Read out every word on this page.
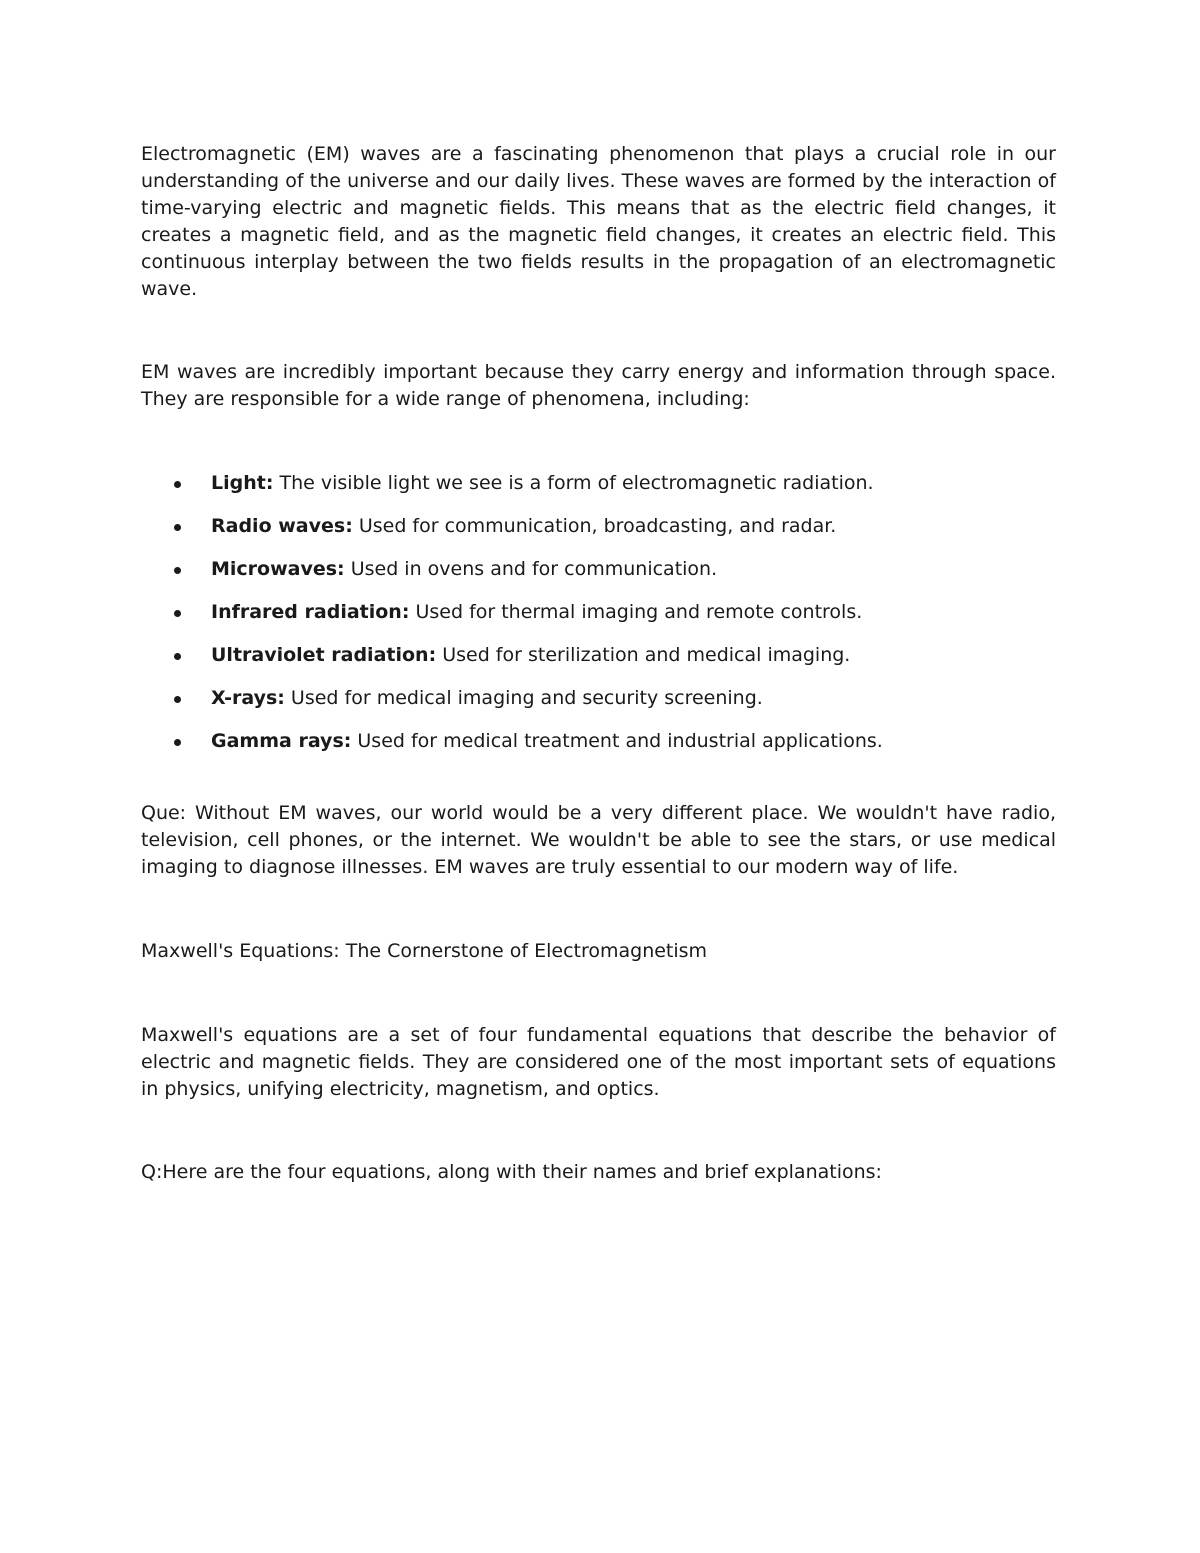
Electromagnetic (EM) waves are a fascinating phenomenon that plays a crucial role in our understanding of the universe and our daily lives. These waves are formed by the interaction of time-varying electric and magnetic fields. This means that as the electric field changes, it creates a magnetic field, and as the magnetic field changes, it creates an electric field. This continuous interplay between the two fields results in the propagation of an electromagnetic wave.

EM waves are incredibly important because they carry energy and information through space. They are responsible for a wide range of phenomena, including:

Light: The visible light we see is a form of electromagnetic radiation.
Radio waves: Used for communication, broadcasting, and radar.
Microwaves: Used in ovens and for communication.
Infrared radiation: Used for thermal imaging and remote controls.
Ultraviolet radiation: Used for sterilization and medical imaging.
X-rays: Used for medical imaging and security screening.
Gamma rays: Used for medical treatment and industrial applications.

Que: Without EM waves, our world would be a very different place. We wouldn't have radio, television, cell phones, or the internet. We wouldn't be able to see the stars, or use medical imaging to diagnose illnesses. EM waves are truly essential to our modern way of life.

Maxwell's Equations: The Cornerstone of Electromagnetism

Maxwell's equations are a set of four fundamental equations that describe the behavior of electric and magnetic fields. They are considered one of the most important sets of equations in physics, unifying electricity, magnetism, and optics.

Q:Here are the four equations, along with their names and brief explanations:
